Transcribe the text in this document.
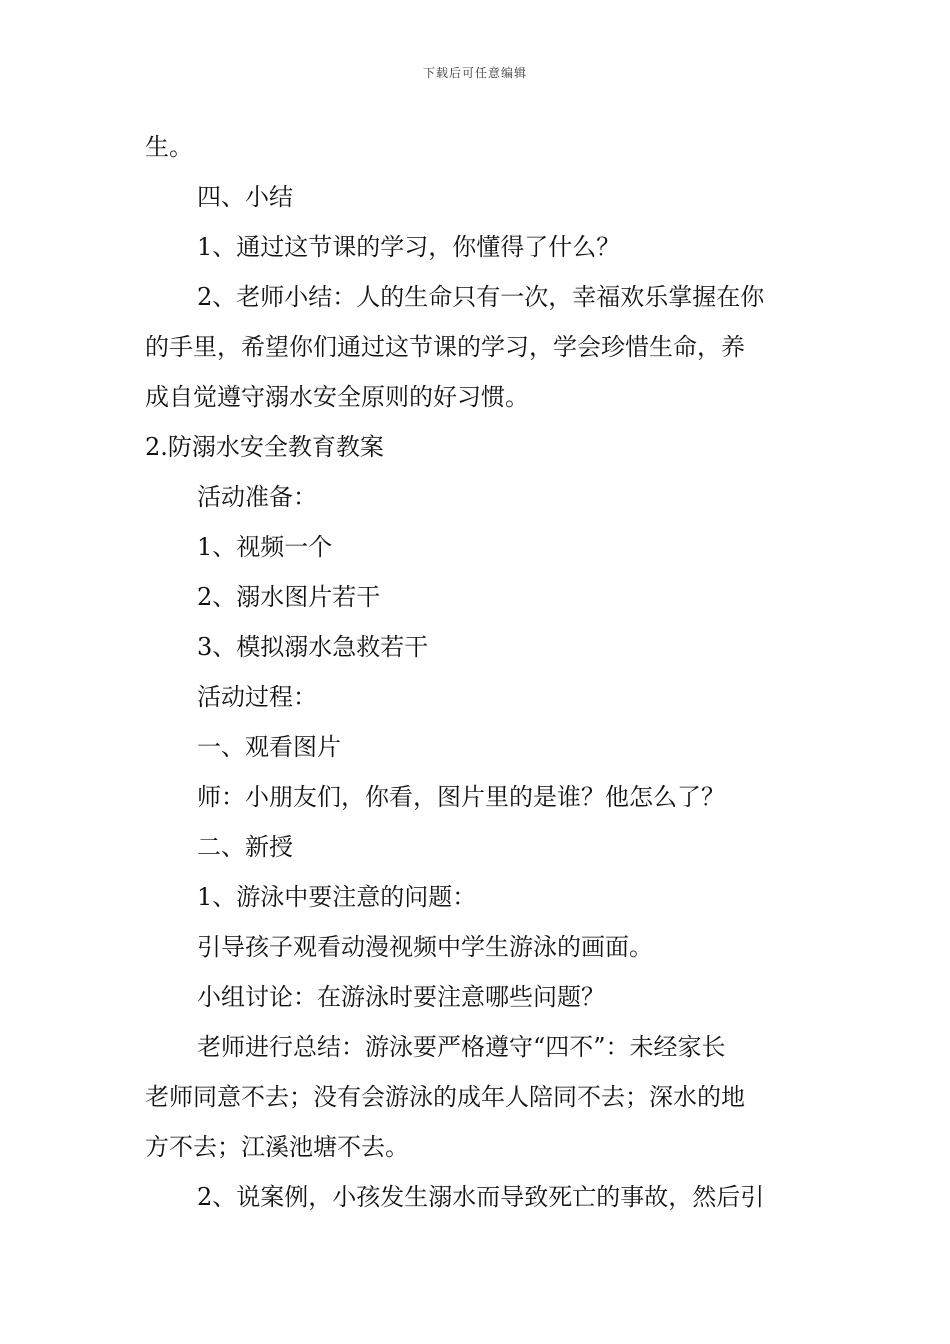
下载后可任意编辑
生。
四、小结
1、通过这节课的学习，你懂得了什么？
2、老师小结：人的生命只有一次，幸福欢乐掌握在你
的手里，希望你们通过这节课的学习，学会珍惜生命，养
成自觉遵守溺水安全原则的好习惯。
2.防溺水安全教育教案
活动准备：
1、视频一个
2、溺水图片若干
3、模拟溺水急救若干
活动过程：
一、观看图片
师：小朋友们，你看，图片里的是谁？他怎么了？
二、新授
1、游泳中要注意的问题：
引导孩子观看动漫视频中学生游泳的画面。
小组讨论：在游泳时要注意哪些问题？
老师进行总结：游泳要严格遵守“四不”：未经家长
老师同意不去；没有会游泳的成年人陪同不去；深水的地
方不去；江溪池塘不去。
2、说案例，小孩发生溺水而导致死亡的事故，然后引
